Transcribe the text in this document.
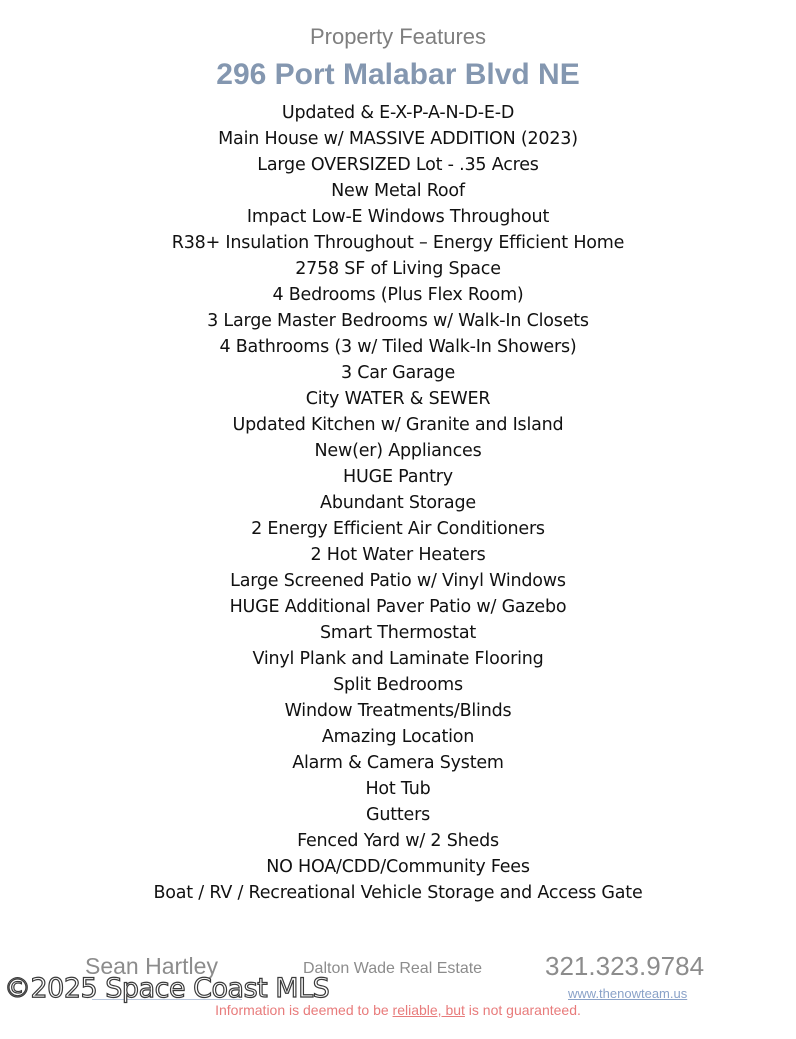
Property Features
296 Port Malabar Blvd NE
Updated & E-X-P-A-N-D-E-D
Main House w/ MASSIVE ADDITION (2023)
Large OVERSIZED Lot - .35 Acres
New Metal Roof
Impact Low-E Windows Throughout
R38+ Insulation Throughout – Energy Efficient Home
2758 SF of Living Space
4 Bedrooms (Plus Flex Room)
3 Large Master Bedrooms w/ Walk-In Closets
4 Bathrooms (3 w/ Tiled Walk-In Showers)
3 Car Garage
City WATER & SEWER
Updated Kitchen w/ Granite and Island
New(er) Appliances
HUGE Pantry
Abundant Storage
2 Energy Efficient Air Conditioners
2 Hot Water Heaters
Large Screened Patio w/ Vinyl Windows
HUGE Additional Paver Patio w/ Gazebo
Smart Thermostat
Vinyl Plank and Laminate Flooring
Split Bedrooms
Window Treatments/Blinds
Amazing Location
Alarm & Camera System
Hot Tub
Gutters
Fenced Yard w/ 2 Sheds
NO HOA/CDD/Community Fees
Boat / RV / Recreational Vehicle Storage and Access Gate
Sean Hartley	Dalton Wade Real Estate 321.323.9784
www.thenowteam.us
©2025 Space Coast MLS
Information is deemed to be reliable, but is not guaranteed.
